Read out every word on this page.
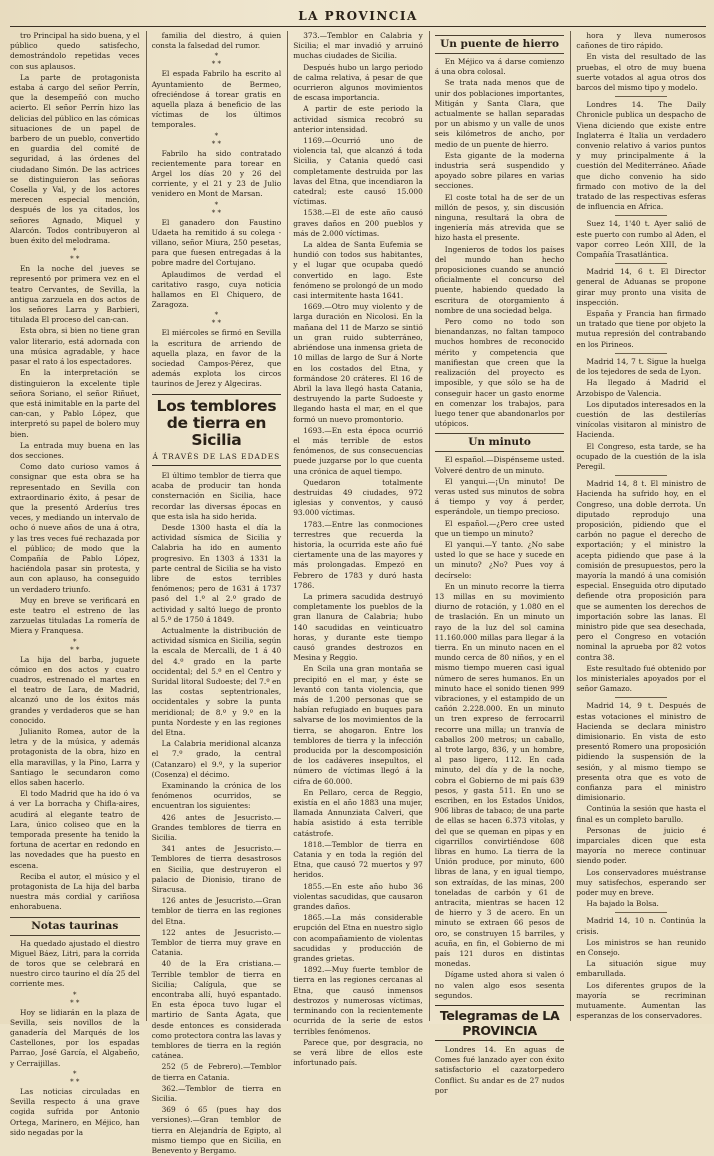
LA PROVINCIA

tro Principal ha sido buena, y el público quedo satisfecho, demostrándolo repetidas veces con sus aplausos.

La parte de protagonista estaba á cargo del señor Perrín, que la desempeñó con mucho acierto. El señor Perrín hizo las delicias del público en las cómicas situaciones de un papel de barbero de un pueblo, convertido en guardia del comité de seguridad, á las órdenes del ciudadano Simón. De las actrices se distinguieron las señoras Cosella y Val, y de los actores merecen especial mención, después de los ya citados, los señores Agnado, Miquel y Alarcón. Todos contribuyeron al buen éxito del melodrama.

*
* *

En la noche del jueves se representó por primera vez en el teatro Cervantes, de Sevilla, la antigua zarzuela en dos actos de los señores Larra y Barbieri, titulada El proceso del can-can.

Esta obra, si bien no tiene gran valor literario, está adornada con una música agradable, y hace pasar el rato á los espectadores.

En la interpretación se distinguieron la excelente tiple señora Soriano, el señor Riñuet, que está inimitable en la parte del can-can, y Pablo López, que interpretó su papel de bolero muy bien.

La entrada muy buena en las dos secciones.

Como dato curioso vamos á consignar que esta obra se ha representado en Sevilla con extraordinario éxito, á pesar de que la presentó Arderíus tres veces, y mediando un intervalo de ocho ó nueve años de una á otra, y las tres veces fué rechazada por el público; de modo que la Compañía de Pablo López, haciéndola pasar sin protesta, y aun con aplauso, ha conseguido un verdadero triunfo.

Muy en breve se verificará en este teatro el estreno de las zarzuelas tituladas La romería de Miera y Franquesa.

*
* *

La hija del barba, juguete cómico en dos actos y cuatro cuadros, estrenado el martes en el teatro de Lara, de Madrid, alcanzó uno de los éxitos más grandes y verdaderos que se han conocido.

Julianito Romea, autor de la letra y de la música, y además protagonista de la obra, hizo en ella maravillas, y la Pino, Larra y Santiago le secundaron como ellos saben hacerlo.

El todo Madrid que ha ido ó va á ver La borracha y Chifla-aires, acudirá al elegante teatro de Lara, único coliseo que en la temporada presente ha tenido la fortuna de acertar en redondo en las novedades que ha puesto en escena.

Reciba el autor, el músico y el protagonista de La hija del barba nuestra más cordial y cariñosa enhorabuena.

Notas taurinas

Ha quedado ajustado el diestro Miguel Báez, Litri, para la corrida de toros que se celebrará en nuestro circo taurino el día 25 del corriente mes.

*
* *

Hoy se lidiarán en la plaza de Sevilla, seis novillos de la ganadería del Marqués de los Castellones, por los espadas Parrao, José García, el Algabeño, y Cerraijillas.

*
* *

Las noticias circuladas en Sevilla respecto á una grave cogida sufrida por Antonio Ortega, Marinero, en Méjico, han sido negadas por la

familia del diestro, á quien consta la falsedad del rumor.

*
* *

El espada Fabrilo ha escrito al Ayuntamiento de Bermeo, ofreciéndose á torear gratis en aquella plaza á beneficio de las víctimas de los últimos temporales.

*
* *

Fabrilo ha sido contratado recientemente para torear en Argel los días 20 y 26 del corriente, y el 21 y 23 de Julio venidero en Mont de Marsan.

*
* *

El ganadero don Faustino Udaeta ha remitido á su colega - villano, señor Miura, 250 pesetas, para que fuesen entregadas á la pobre madre del Cortujano.

Aplaudimos de verdad el caritativo rasgo, cuya noticia hallamos en El Chiquero, de Zaragoza.

*
* *

El miércoles se firmó en Sevilla la escritura de arriendo de aquella plaza, en favor de la sociedad Campos-Pérez, que además explota los circos taurinos de Jerez y Algeciras.

Los temblores de tierra en Sicilia
Á TRAVÉS DE LAS EDADES

El último temblor de tierra que acaba de producir tan honda consternación en Sicilia, hace recordar las diversas épocas en que esta isla ha sido herida.

Desde 1300 hasta el día la actividad sísmica de Sicilia y Calabria ha ido en aumento progresivo. En 1303 á 1331 la parte central de Sicilia se ha visto libre de estos terribles fenómenos; pero de 1631 á 1737 pasó del 1.º al 2.º grado de actividad y saltó luego de pronto al 5.º de 1750 á 1849.

Actualmente la distribución de actividad sísmica en Sicilia, según la escala de Mercalli, de 1 á 40 del 4.º grado en la parte occidental; del 5.º en el Centro y Suridal litoral Sudoeste; del 7.º en las costas septentrionales, occidentales y sobre la punta meridional; de 8.º y 9.º en la punta Nordeste y en las regiones del Etna.

La Calabria meridional alcanza el 7.º grado, la central (Catanzaro) el 9.º, y la superior (Cosenza) el décimo.

Examinando la crónica de los fenómenos ocurridos, se encuentran los siguientes:

426 antes de Jesucristo.—Grandes temblores de tierra en Sicilia.

341 antes de Jesucristo.—Temblores de tierra desastrosos en Sicilia, que destruyeron el palacio de Dionisio, tirano de Siracusa.

126 antes de Jesucristo.—Gran temblor de tierra en las regiones del Etna.

122 antes de Jesucristo.—Temblor de tierra muy grave en Catania.

40 de la Era cristiana.—Terrible temblor de tierra en Sicilia; Calígula, que se encontraba allí, huyó espantado. En esta época tuvo lugar el martirio de Santa Agata, que desde entonces es considerada como protectora contra las lavas y temblores de tierra en la región catánea.

252 (5 de Febrero).—Temblor de tierra en Catania.

362.—Temblor de tierra en Sicilia.

369 ó 65 (pues hay dos versiones).—Gran temblor de tierra en Alejandría de Egipto, al mismo tiempo que en Sicilia, en Benevento y Bergamo.

373.—Temblor en Calabria y Sicilia; el mar invadió y arruinó muchas ciudades de Sicilia.

Después hubo un largo periodo de calma relativa, á pesar de que ocurrieron algunos movimientos de escasa importancia.

A partir de este periodo la actividad sísmica recobró su anterior intensidad.

1169.—Ocurrió uno de violencia tal, que alcanzó á toda Sicilia, y Catania quedó casi completamente destruida por las lavas del Etna, que incendiaron la catedral; este causó 15.000 víctimas.

1538.—El de este año causó graves daños en 200 pueblos y más de 2.000 víctimas.

La aldea de Santa Eufemia se hundió con todos sus habitantes, y el lugar que ocupaba quedó convertido en lago. Este fenómeno se prolongó de un modo casi intermitente hasta 1641.

1669.—Otro muy violento y de larga duración en Nicolosi. En la mañana del 11 de Marzo se sintió un gran ruido subterráneo, abriéndose una inmensa grieta de 10 millas de largo de Sur á Norte en los costados del Etna, y formándose 20 cráteres. El 16 de Abril la lava llegó hasta Catania, destruyendo la parte Sudoeste y llegando hasta el mar, en el que formó un nuevo promontorio.

1693.—En esta época ocurrió el más terrible de estos fenómenos, de sus consecuencias puede juzgarse por lo que cuenta una crónica de aquel tiempo.

Quedaron totalmente destruidas 49 ciudades, 972 iglesias y conventos, y causó 93.000 víctimas.

1783.—Entre las conmociones terrestres que recuerda la historia, la ocurrida este año fué ciertamente una de las mayores y más prolongadas. Empezó en Febrero de 1783 y duró hasta 1786.

La primera sacudida destruyó completamente los pueblos de la gran llanura de Calabria; hubo 140 sacudidas en veinticuatro horas, y durante este tiempo causó grandes destrozos en Mesina y Reggio.

En Scila una gran montaña se precipitó en el mar, y éste se levantó con tanta violencia, que más de 1.200 personas que se habían refugiado en buques para salvarse de los movimientos de la tierra, se ahogaron. Entre los temblores de tierra y la infección producida por la descomposición de los cadáveres insepultos, el número de víctimas llegó á la cifra de 60.000.

En Pellaro, cerca de Reggio, existía en el año 1883 una mujer, llamada Annunziata Calveri, que había asistido á esta terrible catástrofe.

1818.—Temblor de tierra en Catania y en toda la región del Etna, que causó 72 muertos y 97 heridos.

1855.—En este año hubo 36 violentas sacudidas, que causaron grandes daños.

1865.—La más considerable erupción del Etna en nuestro siglo con acompañamiento de violentas sacudidas y producción de grandes grietas.

1892.—Muy fuerte temblor de tierra en las regiones cercanas al Etna, que causó inmensos destrozos y numerosas víctimas, terminando con la recientemente ocurrida de la serie de estos terribles fenómenos.

Parece que, por desgracia, no se verá libre de ellos este infortunado país.

Un puente de hierro

En Méjico va á darse comienzo á una obra colosal.

Se trata nada menos que de unir dos poblaciones importantes, Mitigán y Santa Clara, que actualmente se hallan separadas por un abismo y un valle de unos seis kilómetros de ancho, por medio de un puente de hierro.

Esta gigante de la moderna industria será suspendido y apoyado sobre pilares en varias secciones.

El coste total ha de ser de un millón de pesos, y, sin discusión ninguna, resultará la obra de ingeniería más atrevida que se hizo hasta el presente.

Ingenieros de todos los países del mundo han hecho proposiciones cuando se anunció oficialmente el concurso del puente, habiendo quedado la escritura de otorgamiento á nombre de una sociedad belga.

Pero como no todo son bienandanzas, no faltan tampoco muchos hombres de reconocido mérito y competencia que manifiestan que creen que la realización del proyecto es imposible, y que sólo se ha de conseguir hacer un gasto enorme en comenzar los trabajos, para luego tener que abandonarlos por utópicos.

Un minuto

El español.—Dispénseme usted. Volveré dentro de un minuto.

El yanqui.—¡Un minuto! De veras usted sus minutos de sobra á tiempo y voy á perder, esperándole, un tiempo precioso.

El español.—¿Pero cree usted que un tiempo un minuto?

El yanqui.—Y tanto. ¿No sabe usted lo que se hace y sucede en un minuto? ¿No? Pues voy á decírselo:

En un minuto recorre la tierra 13 millas en su movimiento diurno de rotación, y 1.080 en el de traslación. En un minuto un rayo de la luz del sol camina 11.160.000 millas para llegar á la tierra. En un minuto nacen en el mundo cerca de 80 niños, y en el mismo tiempo mueren casi igual número de seres humanos. En un minuto hace el sonido tienen 999 vibraciones, y el estampido de un cañón 2.228.000. En un minuto un tren expreso de ferrocarril recorre una milla; un tranvía de caballos 200 metros; un caballo, al trote largo, 836, y un hombre, al paso ligero, 112. En cada minuto, del día y de la noche, cobra el Gobierno de mi país 639 pesos, y gasta 511. En uno se escriben, en los Estados Unidos, 906 libras de tabaco; de una parte de ellas se hacen 6.373 vitolas, y del que se queman en pipas y en cigarrillos convirtiéndose 608 libras en humo. La tierra de la Unión produce, por minuto, 600 libras de lana, y en igual tiempo, son extraídas, de las minas, 200 toneladas de carbón y 61 de antracita, mientras se hacen 12 de hierro y 3 de acero. En un minuto se extraen 66 pesos de oro, se construyen 15 barriles, y acuña, en fin, el Gobierno de mi país 121 duros en distintas monedas.

Dígame usted ahora si valen ó no valen algo esos sesenta segundos.

Telegramas de LA PROVINCIA

Londres 14. En aguas de Comes fué lanzado ayer con éxito satisfactorio el cazatorpedero Conflict. Su andar es de 27 nudos por

hora y lleva numerosos cañones de tiro rápido.

En vista del resultado de las pruebas, el otro de muy buena suerte votados al agua otros dos barcos del mismo tipo y modelo.

Londres 14. The Daily Chronicle publica un despacho de Viena diciendo que existe entre Inglaterra é Italia un verdadero convenio relativo á varios puntos y muy principalmente á la cuestión del Mediterráneo. Añade que dicho convenio ha sido firmado con motivo de la del tratado de las respectivas esferas de influencia en Africa.

Suez 14, 1'40 t. Ayer salió de este puerto con rumbo al Aden, el vapor correo León XIII, de la Compañía Trasatlántica.

Madrid 14, 6 t. El Director general de Aduanas se propone girar muy pronto una visita de inspección.

España y Francia han firmado un tratado que tiene por objeto la mutua represión del contrabando en los Pirineos.

Madrid 14, 7 t. Sigue la huelga de los tejedores de seda de Lyon.

Ha llegado á Madrid el Arzobispo de Valencia.

Los diputados interesados en la cuestión de las destilerías vinícolas visitaron al ministro de Hacienda.

El Congreso, esta tarde, se ha ocupado de la cuestión de la isla Peregil.

Madrid 14, 8 t. El ministro de Hacienda ha sufrido hoy, en el Congreso, una doble derrota. Un diputado reprodujo una proposición, pidiendo que el carbón no pague el derecho de exportación; y el ministro la acepta pidiendo que pase á la comisión de presupuestos, pero la mayoría la mandó á una comisión especial. Enseguida otro diputado defiende otra proposición para que se aumenten los derechos de importación sobre las lanas. El ministro pide que sea desechada, pero el Congreso en votación nominal la aprueba por 82 votos contra 38.

Este resultado fué obtenido por los ministeriales apoyados por el señor Gamazo.

Madrid 14, 9 t. Después de estas votaciones el ministro de Hacienda se declara ministro dimisionario. En vista de esto presentó Romero una proposición pidiendo la suspensión de la sesión, y al mismo tiempo se presenta otra que es voto de confianza para el ministro dimisionario.

Continúa la sesión que hasta el final es un completo barullo.

Personas de juicio é imparciales dicen que esta mayoría no merece continuar siendo poder.

Los conservadores muéstranse muy satisfechos, esperando ser poder muy en breve.

Ha bajado la Bolsa.

Madrid 14, 10 n. Continúa la crisis.

Los ministros se han reunido en Consejo.

La situación sigue muy embarullada.

Los diferentes grupos de la mayoría se recriminan mutuamente. Aumentan las esperanzas de los conservadores.
